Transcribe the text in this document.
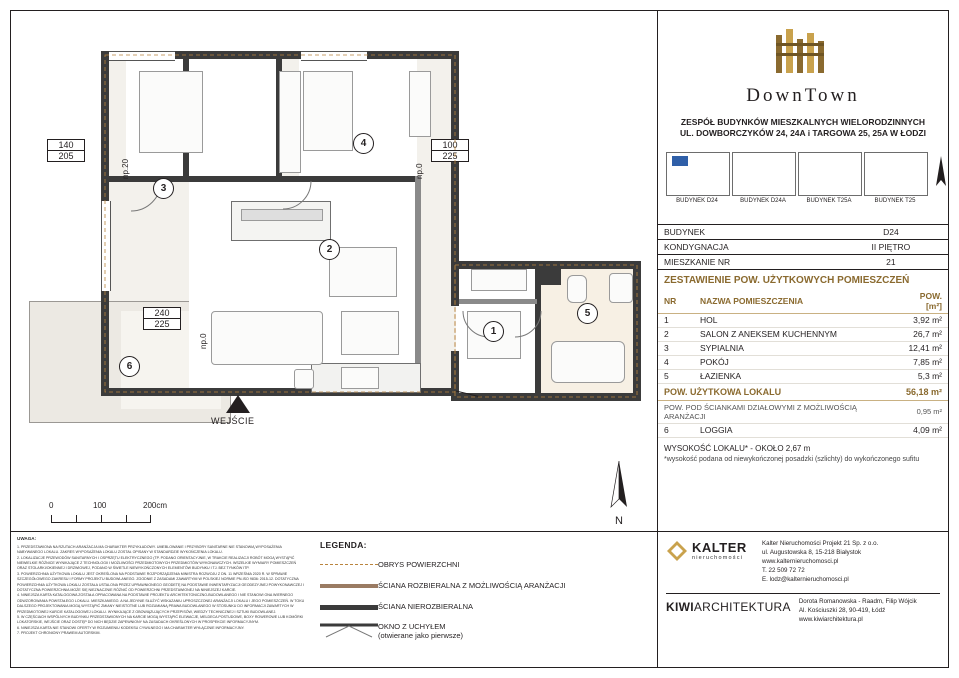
WEJŚCIE
1
2
3
4
5
6
140
205
100
225
240
225
np.20	np.0
np.0
0	100	200cm
N
DownTown
ZESPÓŁ BUDYNKÓW MIESZKALNYCH WIELORODZINNYCH
UL. DOWBORCZYKÓW 24, 24A i TARGOWA 25, 25A W ŁODZI
BUDYNEK D24	BUDYNEK D24A	BUDYNEK T25A	BUDYNEK T25
BUDYNEK	D24
KONDYGNACJA	II PIĘTRO
MIESZKANIE NR	21
ZESTAWIENIE POW. UŻYTKOWYCH POMIESZCZEŃ
NR	NAZWA POMIESZCZENIA	POW. [m²]
1	HOL	3,92 m²
2	SALON Z ANEKSEM KUCHENNYM	26,7 m²
3	SYPIALNIA	12,41 m²
4	POKÓJ	7,85 m²
5	ŁAZIENKA	5,3 m²
POW. UŻYTKOWA LOKALU		56,18 m²
POW. POD ŚCIANKAMI DZIAŁOWYMI Z MOŻLIWOŚCIĄ ARANŻACJI		0,95 m²
6	LOGGIA	4,09 m²
WYSOKOŚĆ LOKALU* - OKOŁO 2,67 m
*wysokość podana od niewykończonej posadzki (szlichty) do wykończonego sufitu
UWAGA:
1. PRZEDSTAWIONA NA RZUTACH ARANŻACJA MA CHARAKTER PRZYKŁADOWY. UMEBLOWANIE I PRZYBORY SANITARNE NIE STANOWIĄ WYPOSAŻENIA NABYWANEGO LOKALU. ZAKRES WYPOSAŻENIA LOKALU ZOSTAŁ OPISANY W STANDARDZIE WYKOŃCZENIA LOKALU.
2. LOKALIZACJE PRZEWODÓW SANITARNYCH I OSPRZĘTU ELEKTRYCZNEGO (TP. PODANO ORIENTACYJNIE, W TRAKCIE REALIZACJI ROBÓT MOGĄ WYSTĄPIĆ NIEWIELKIE RÓŻNICE WYNIKAJĄCE Z TECHNOLOGII I MOŻLIWOŚCI PRZEDMIOTOWYCH PRZEDMIOTÓW WYKONAWCZYCH. WSZELKIE WYMIARY POMIESZCZEŃ ORAZ STOLARKI/OKIENNEJ I DRZWIOWEJ, PODANO W ŚWIETLE NIEWYKOŃCZONYCH ELEMENTÓW BUDYNKU I TJ. BEZ TYNKÓW ITP.
3. POWIERZCHNIA UŻYTKOWA LOKALU JEST OKREŚLONA NA PODSTAWIE ROZPORZĄDZENIA MINISTRA ROZWOJU Z DN. 11 WRZEŚNIA 2020 R. W SPRAWIE SZCZEGÓŁOWEGO ZAKRESU I FORMY PROJEKTU BUDOWLANEGO. ZGODNIE Z ZASADAMI ZAWARTYMI W POLSKIEJ NORMIE PN-ISO 9836: 2015-12. DOTATYCZNA POWIERZCHNIA UŻYTKOWA LOKALU ZOSTAŁA USTALONA PRZEZ UPRAWNIONEGO GEODETĘ NA PODSTAWIE INWENTARYZACJI GEODEZYJNEJ POWYKONAWCZEJ I DOTATYCZNA POWIERZCHNIA MOŻE SIĘ NIEZNACZNIE RÓŻNIĆ OD POWIERZCHNI PRZEDSTAWIONEJ NA NINIEJSZEJ KARCIE.
4. NINIEJSZA KARTA KATALOGOWA ZOSTAŁA OPRACOWANA NA PODSTAWIE PROJEKTU ARCHITEKTONICZNO-BUDOWLANEGO I NIE STANOWI ONA WIERNEGO ODWZOROWANIA POWSTAŁEGO LOKALU. MIESZKANIEGO. A NA JEDYNIE SŁUŻYĆ WSKAZANIU UPROSZCZONEJ ARANŻACJI LOKALU I JEGO POMIESZCZEŃ. W TOKU DALSZEGO PROJEKTOWANIA MOGĄ WYSTĄPIĆ ZMIANY NIEISTOTNE LUB ROZUMIANĄ PRAWA BUDOWLANEGO W STOSUNKU DO INFORMACJI ZAWARTYCH W PRZEDMIOTOWEJ KARCIE KATALOGOWEJ LOKALU. WYNIKAJĄCE Z OBOWIĄZUJĄCYCH PRZEPISÓW, WIEDZY TECHNICZNEJ I SZTUKI BUDOWLANEJ.
5. W CZĘŚCIACH WSPÓLNYCH BUDYNKU PRZEDSTAWIONYCH NA KARCIE MOGĄ WYSTĄPIĆ ELEWACJE, MELDECA POSTUDOWE, BOXY ROWEROWE LUB KOMÓRKI LOKATORSKIE, WEJŚCIE ORAZ DOSTĘP DO NICH BĘDZIE ZAPEWNIONY NA ZASADACH OKREŚLONYCH W PROSPEKCIE INFORMACYJNYM.
6. NINIEJSZA KARTA NIE STANOWI OFERTY W ROZUMIENIU KODEKSU CYWILNEGO I MA CHARAKTER WYŁĄCZNIE INFORMACYJNY.
7. PROJEKT CHRONIONY PRAWEM AUTORSKIM.
LEGENDA:
OBRYS POWIERZCHNI
ŚCIANA ROZBIERALNA Z MOŻLIWOŚCIĄ ARANŻACJI
ŚCIANA NIEROZBIERALNA
OKNO Z UCHYŁEM
(otwierane jako pierwsze)
KALTER
nieruchomości
Kalter Nieruchomości Projekt 21 Sp. z o.o.
ul. Augustowska 8, 15-218 Białystok
www.kalternieruchomosci.pl
T. 22 509 72 72
E. lodz@kalternieruchomosci.pl
KIWIARCHITEKTURA Dorota Romanowska - Raadm, Filip Wójcik
Al. Kościuszki 28, 90-419, Łódź
www.kiwiarchitektura.pl
